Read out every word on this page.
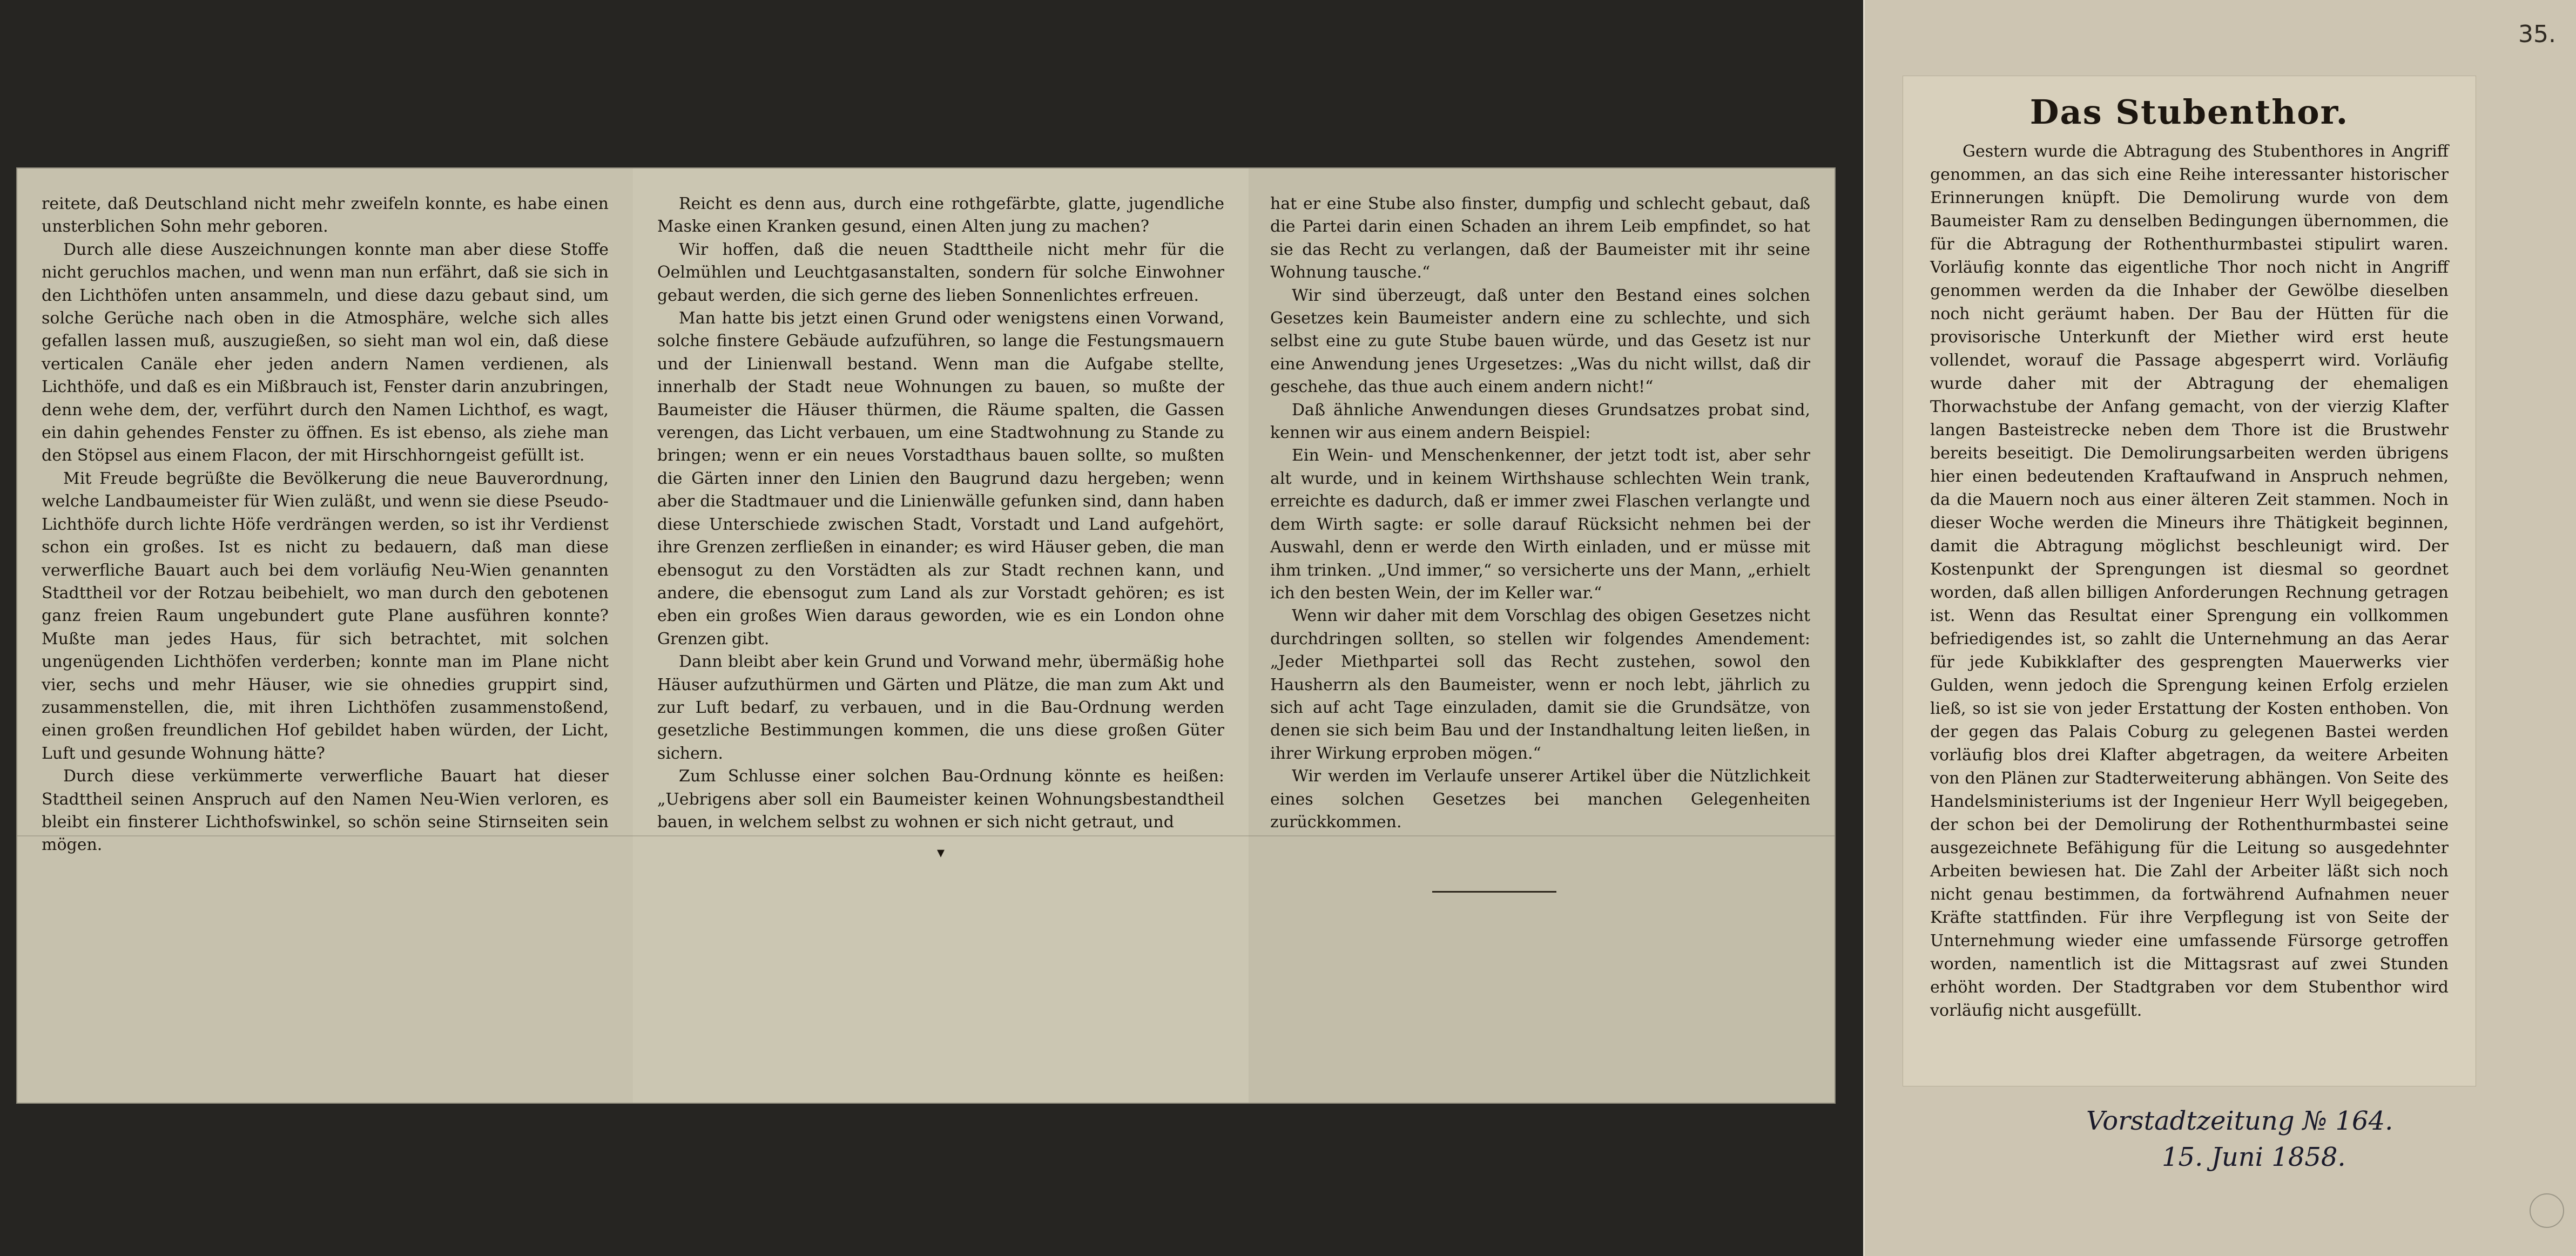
reitete, daß Deutschland nicht mehr zweifeln konnte, es habe einen unsterblichen Sohn mehr geboren.

Durch alle diese Auszeichnungen konnte man aber diese Stoffe nicht geruchlos machen, und wenn man nun erfährt, daß sie sich in den Lichthöfen unten ansammeln, und diese dazu gebaut sind, um solche Gerüche nach oben in die Atmosphäre, welche sich alles gefallen lassen muß, auszugießen, so sieht man wol ein, daß diese verticalen Canäle eher jeden andern Namen verdienen, als Lichthöfe, und daß es ein Mißbrauch ist, Fenster darin anzubringen, denn wehe dem, der, verführt durch den Namen Lichthof, es wagt, ein dahin gehendes Fenster zu öffnen. Es ist ebenso, als ziehe man den Stöpsel aus einem Flacon, der mit Hirschhorngeist gefüllt ist.

Mit Freude begrüßte die Bevölkerung die neue Bauverordnung, welche Landbaumeister für Wien zuläßt, und wenn sie diese Pseudo-Lichthöfe durch lichte Höfe verdrängen werden, so ist ihr Verdienst schon ein großes. Ist es nicht zu bedauern, daß man diese verwerfliche Bauart auch bei dem vorläufig Neu-Wien genannten Stadttheil vor der Rotzau beibehielt, wo man durch den gebotenen ganz freien Raum ungebundert gute Plane ausführen konnte? Mußte man jedes Haus, für sich betrachtet, mit solchen ungenügenden Lichthöfen verderben; konnte man im Plane nicht vier, sechs und mehr Häuser, wie sie ohnedies gruppirt sind, zusammenstellen, die, mit ihren Lichthöfen zusammenstoßend, einen großen freundlichen Hof gebildet haben würden, der Licht, Luft und gesunde Wohnung hätte?

Durch diese verkümmerte verwerfliche Bauart hat dieser Stadttheil seinen Anspruch auf den Namen Neu-Wien verloren, es bleibt ein finsterer Lichthofswinkel, so schön seine Stirnseiten sein mögen.

Reicht es denn aus, durch eine rothgefärbte, glatte, jugendliche Maske einen Kranken gesund, einen Alten jung zu machen?

Wir hoffen, daß die neuen Stadttheile nicht mehr für die Oelmühlen und Leuchtgasanstalten, sondern für solche Einwohner gebaut werden, die sich gerne des lieben Sonnenlichtes erfreuen.

Man hatte bis jetzt einen Grund oder wenigstens einen Vorwand, solche finstere Gebäude aufzuführen, so lange die Festungsmauern und der Linienwall bestand. Wenn man die Aufgabe stellte, innerhalb der Stadt neue Wohnungen zu bauen, so mußte der Baumeister die Häuser thürmen, die Räume spalten, die Gassen verengen, das Licht verbauen, um eine Stadtwohnung zu Stande zu bringen; wenn er ein neues Vorstadthaus bauen sollte, so mußten die Gärten inner den Linien den Baugrund dazu hergeben; wenn aber die Stadtmauer und die Linienwälle gefunken sind, dann haben diese Unterschiede zwischen Stadt, Vorstadt und Land aufgehört, ihre Grenzen zerfließen in einander; es wird Häuser geben, die man ebensogut zu den Vorstädten als zur Stadt rechnen kann, und andere, die ebensogut zum Land als zur Vorstadt gehören; es ist eben ein großes Wien daraus geworden, wie es ein London ohne Grenzen gibt.

Dann bleibt aber kein Grund und Vorwand mehr, übermäßig hohe Häuser aufzuthürmen und Gärten und Plätze, die man zum Akt und zur Luft bedarf, zu verbauen, und in die Bau-Ordnung werden gesetzliche Bestimmungen kommen, die uns diese großen Güter sichern.

Zum Schlusse einer solchen Bau-Ordnung könnte es heißen: „Uebrigens aber soll ein Baumeister keinen Wohnungsbestandtheil bauen, in welchem selbst zu wohnen er sich nicht getraut, und

▾

hat er eine Stube also finster, dumpfig und schlecht gebaut, daß die Partei darin einen Schaden an ihrem Leib empfindet, so hat sie das Recht zu verlangen, daß der Baumeister mit ihr seine Wohnung tausche.“

Wir sind überzeugt, daß unter den Bestand eines solchen Gesetzes kein Baumeister andern eine zu schlechte, und sich selbst eine zu gute Stube bauen würde, und das Gesetz ist nur eine Anwendung jenes Urgesetzes: „Was du nicht willst, daß dir geschehe, das thue auch einem andern nicht!“

Daß ähnliche Anwendungen dieses Grundsatzes probat sind, kennen wir aus einem andern Beispiel:

Ein Wein- und Menschenkenner, der jetzt todt ist, aber sehr alt wurde, und in keinem Wirthshause schlechten Wein trank, erreichte es dadurch, daß er immer zwei Flaschen verlangte und dem Wirth sagte: er solle darauf Rücksicht nehmen bei der Auswahl, denn er werde den Wirth einladen, und er müsse mit ihm trinken. „Und immer,“ so versicherte uns der Mann, „erhielt ich den besten Wein, der im Keller war.“

Wenn wir daher mit dem Vorschlag des obigen Gesetzes nicht durchdringen sollten, so stellen wir folgendes Amendement: „Jeder Miethpartei soll das Recht zustehen, sowol den Hausherrn als den Baumeister, wenn er noch lebt, jährlich zu sich auf acht Tage einzuladen, damit sie die Grundsätze, von denen sie sich beim Bau und der Instandhaltung leiten ließen, in ihrer Wirkung erproben mögen.“

Wir werden im Verlaufe unserer Artikel über die Nützlichkeit eines solchen Gesetzes bei manchen Gelegenheiten zurückkommen.

35.
Das Stubenthor.

Gestern wurde die Abtragung des Stubenthores in Angriff genommen, an das sich eine Reihe interessanter historischer Erinnerungen knüpft. Die Demolirung wurde von dem Baumeister Ram zu denselben Bedingungen übernommen, die für die Abtragung der Rothenthurmbastei stipulirt waren. Vorläufig konnte das eigentliche Thor noch nicht in Angriff genommen werden da die Inhaber der Gewölbe dieselben noch nicht geräumt haben. Der Bau der Hütten für die provisorische Unterkunft der Miether wird erst heute vollendet, worauf die Passage abgesperrt wird. Vorläufig wurde daher mit der Abtragung der ehemaligen Thorwachstube der Anfang gemacht, von der vierzig Klafter langen Basteistrecke neben dem Thore ist die Brustwehr bereits beseitigt. Die Demolirungsarbeiten werden übrigens hier einen bedeutenden Kraftaufwand in Anspruch nehmen, da die Mauern noch aus einer älteren Zeit stammen. Noch in dieser Woche werden die Mineurs ihre Thätigkeit beginnen, damit die Abtragung möglichst beschleunigt wird. Der Kostenpunkt der Sprengungen ist diesmal so geordnet worden, daß allen billigen Anforderungen Rechnung getragen ist. Wenn das Resultat einer Sprengung ein vollkommen befriedigendes ist, so zahlt die Unternehmung an das Aerar für jede Kubikklafter des gesprengten Mauerwerks vier Gulden, wenn jedoch die Sprengung keinen Erfolg erzielen ließ, so ist sie von jeder Erstattung der Kosten enthoben. Von der gegen das Palais Coburg zu gelegenen Bastei werden vorläufig blos drei Klafter abgetragen, da weitere Arbeiten von den Plänen zur Stadterweiterung abhängen. Von Seite des Handelsministeriums ist der Ingenieur Herr Wyll beigegeben, der schon bei der Demolirung der Rothenthurmbastei seine ausgezeichnete Befähigung für die Leitung so ausgedehnter Arbeiten bewiesen hat. Die Zahl der Arbeiter läßt sich noch nicht genau bestimmen, da fortwährend Aufnahmen neuer Kräfte stattfinden. Für ihre Verpflegung ist von Seite der Unternehmung wieder eine umfassende Fürsorge getroffen worden, namentlich ist die Mittagsrast auf zwei Stunden erhöht worden. Der Stadtgraben vor dem Stubenthor wird vorläufig nicht ausgefüllt.

Vorstadtzeitung № 164.
15. Juni 1858.
